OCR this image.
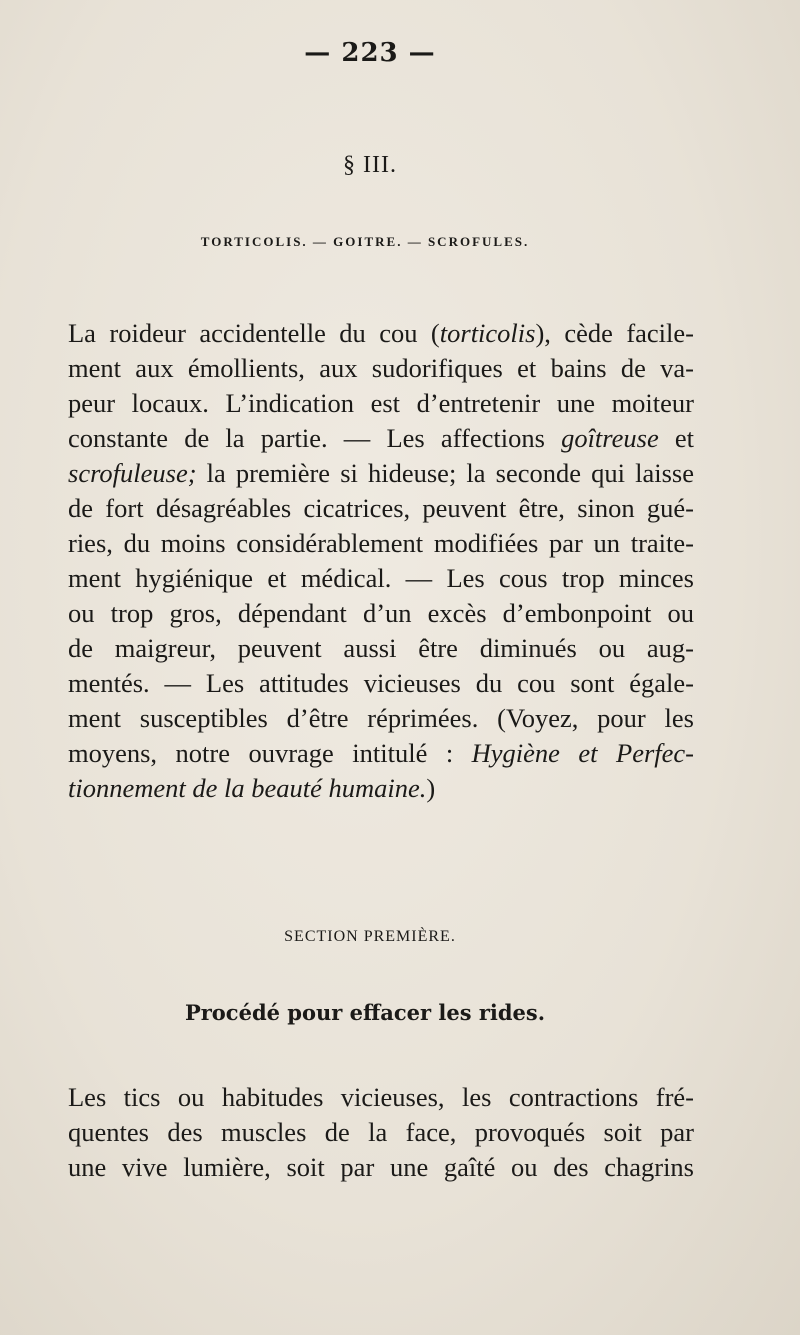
— 223 —
§ III.
TORTICOLIS. — GOITRE. — SCROFULES.
La roideur accidentelle du cou (torticolis), cède facile-
ment aux émollients, aux sudorifiques et bains de va-
peur locaux. L’indication est d’entretenir une moiteur
constante de la partie. — Les affections goîtreuse et
scrofuleuse; la première si hideuse; la seconde qui laisse
de fort désagréables cicatrices, peuvent être, sinon gué-
ries, du moins considérablement modifiées par un traite-
ment hygiénique et médical. — Les cous trop minces
ou trop gros, dépendant d’un excès d’embonpoint ou
de maigreur, peuvent aussi être diminués ou aug-
mentés. — Les attitudes vicieuses du cou sont égale-
ment susceptibles d’être réprimées. (Voyez, pour les
moyens, notre ouvrage intitulé : Hygiène et Perfec-
tionnement de la beauté humaine.)
SECTION PREMIÈRE.
Procédé pour effacer les rides.
Les tics ou habitudes vicieuses, les contractions fré-
quentes des muscles de la face, provoqués soit par
une vive lumière, soit par une gaîté ou des chagrins
